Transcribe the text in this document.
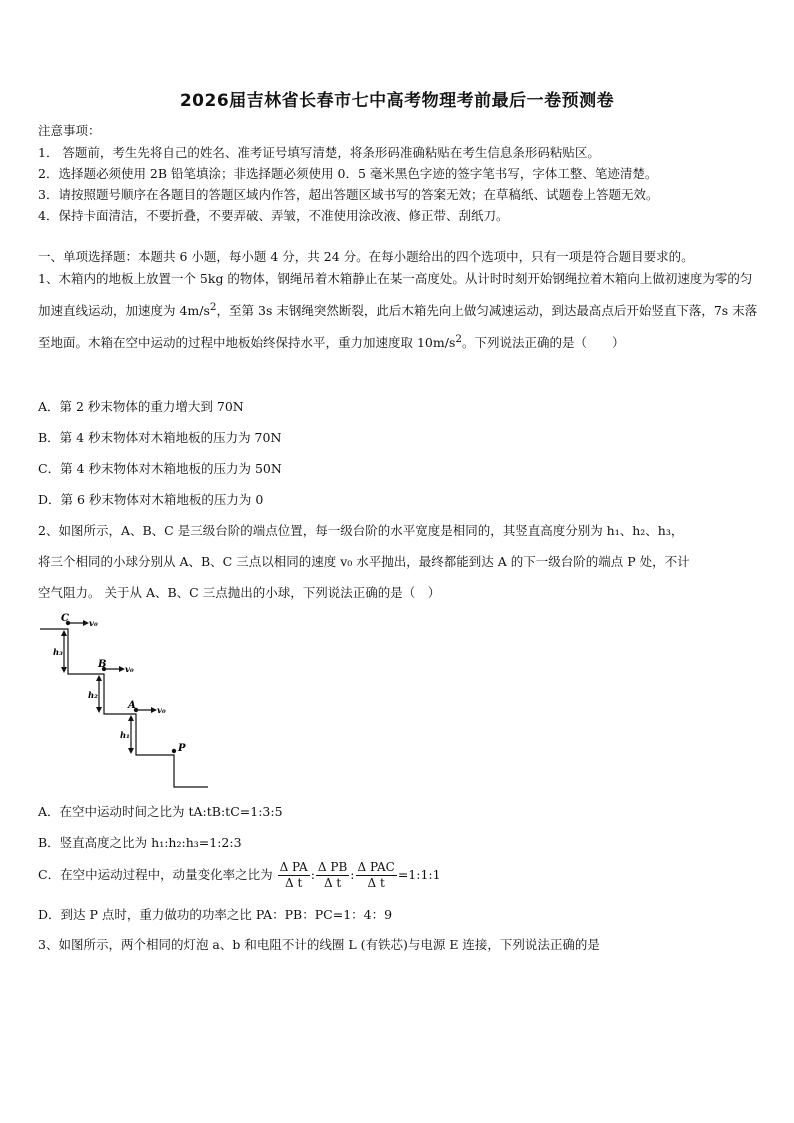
2026届吉林省长春市七中高考物理考前最后一卷预测卷
注意事项：
1． 答题前，考生先将自己的姓名、准考证号填写清楚，将条形码准确粘贴在考生信息条形码粘贴区。
2．选择题必须使用 2B 铅笔填涂；非选择题必须使用 0．5 毫米黑色字迹的签字笔书写，字体工整、笔迹清楚。
3．请按照题号顺序在各题目的答题区域内作答，超出答题区域书写的答案无效；在草稿纸、试题卷上答题无效。
4．保持卡面清洁，不要折叠，不要弄破、弄皱，不准使用涂改液、修正带、刮纸刀。
一、单项选择题：本题共 6 小题，每小题 4 分，共 24 分。在每小题给出的四个选项中，只有一项是符合题目要求的。
1、木箱内的地板上放置一个 5kg 的物体，钢绳吊着木箱静止在某一高度处。从计时时刻开始钢绳拉着木箱向上做初速度为零的匀加速直线运动，加速度为 $4m/s^2$，至第 3s 末钢绳突然断裂，此后木箱先向上做匀减速运动，到达最高点后开始竖直下落，7s 末落至地面。木箱在空中运动的过程中地板始终保持水平，重力加速度取 $10m/s^2$。下列说法正确的是（　　）
A．第 2 秒末物体的重力增大到 70N
B．第 4 秒末物体对木箱地板的压力为 70N
C．第 4 秒末物体对木箱地板的压力为 50N
D．第 6 秒末物体对木箱地板的压力为 0
2、如图所示，A、B、C 是三级台阶的端点位置，每一级台阶的水平宽度是相同的，其竖直高度分别为 h₁、h₂、h₃，
将三个相同的小球分别从 A、B、C 三点以相同的速度 v₀ 水平抛出，最终都能到达 A 的下一级台阶的端点 P 处，不计
空气阻力。 关于从 A、B、C 三点抛出的小球，下列说法正确的是（　）
C
B
A
P
v₀
v₀
v₀
h₃
h₂
h₁
A．在空中运动时间之比为 tA:tB:tC=1:3:5
B．竖直高度之比为 h₁:h₂:h₃=1:2:3
C．在空中运动过程中，动量变化率之比为 $\frac{\text{Δ PA}}{\text{Δ t}}$ : $\frac{\text{Δ PB}}{\text{Δ t}}$ : $\frac{\text{Δ PAC}}{\text{Δ t}}$ =1:1:1
D．到达 P 点时，重力做功的功率之比 PA：PB：PC=1：4：9
3、如图所示，两个相同的灯泡 a、b 和电阻不计的线圈 L (有铁芯)与电源 E 连接，下列说法正确的是
